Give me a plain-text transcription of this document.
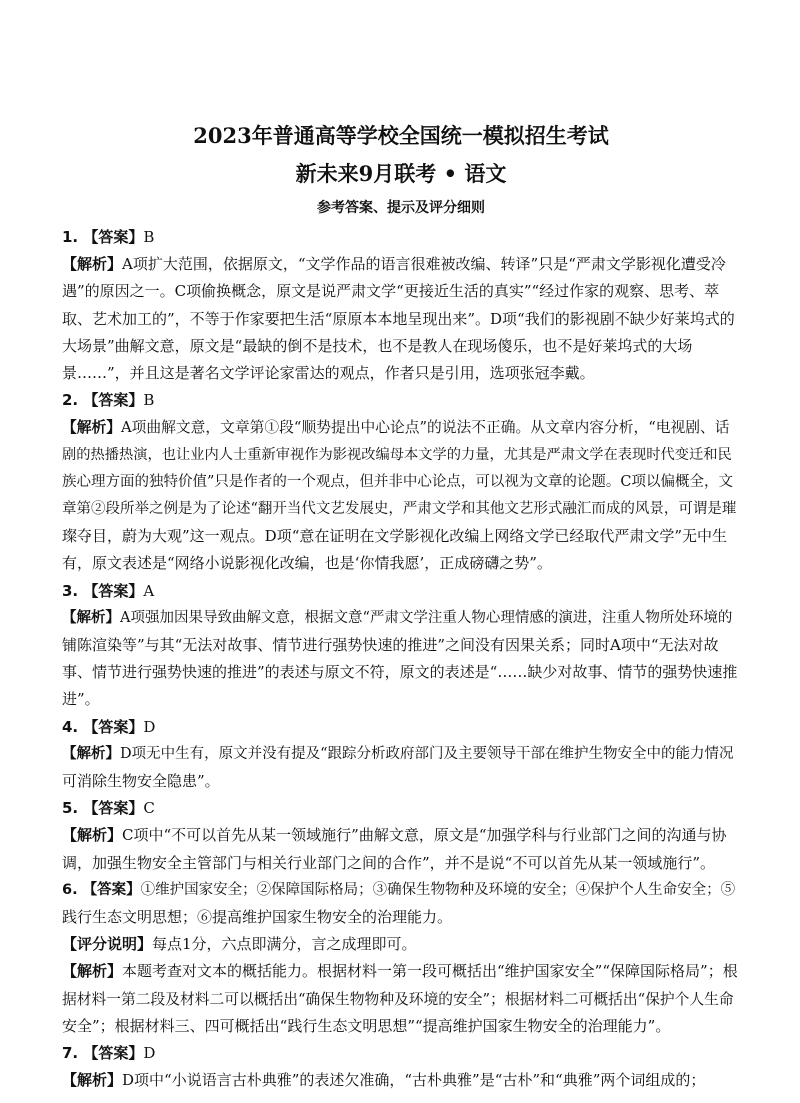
2023年普通高等学校全国统一模拟招生考试
新未来9月联考 • 语文
参考答案、提示及评分细则
1. 【答案】B
【解析】A项扩大范围，依据原文，“文学作品的语言很难被改编、转译”只是“严肃文学影视化遭受冷
遇”的原因之一。C项偷换概念，原文是说严肃文学“更接近生活的真实”“经过作家的观察、思考、萃
取、艺术加工的”，不等于作家要把生活“原原本本地呈现出来”。D项“我们的影视剧不缺少好莱坞式的
大场景”曲解文意，原文是“最缺的倒不是技术，也不是教人在现场傻乐，也不是好莱坞式的大场
景……”，并且这是著名文学评论家雷达的观点，作者只是引用，选项张冠李戴。
2. 【答案】B
【解析】A项曲解文意，文章第①段“顺势提出中心论点”的说法不正确。从文章内容分析，“电视剧、话
剧的热播热演，也让业内人士重新审视作为影视改编母本文学的力量，尤其是严肃文学在表现时代变迁和民
族心理方面的独特价值”只是作者的一个观点，但并非中心论点，可以视为文章的论题。C项以偏概全，文
章第②段所举之例是为了论述“翻开当代文艺发展史，严肃文学和其他文艺形式融汇而成的风景，可谓是璀
璨夺目，蔚为大观”这一观点。D项“意在证明在文学影视化改编上网络文学已经取代严肃文学”无中生
有，原文表述是“网络小说影视化改编，也是‘你情我愿’，正成磅礴之势”。
3. 【答案】A
【解析】A项强加因果导致曲解文意，根据文意“严肃文学注重人物心理情感的演进，注重人物所处环境的
铺陈渲染等”与其“无法对故事、情节进行强势快速的推进”之间没有因果关系；同时A项中“无法对故
事、情节进行强势快速的推进”的表述与原文不符，原文的表述是“……缺少对故事、情节的强势快速推
进”。
4. 【答案】D
【解析】D项无中生有，原文并没有提及“跟踪分析政府部门及主要领导干部在维护生物安全中的能力情况
可消除生物安全隐患”。
5. 【答案】C
【解析】C项中“不可以首先从某一领域施行”曲解文意，原文是“加强学科与行业部门之间的沟通与协
调，加强生物安全主管部门与相关行业部门之间的合作”，并不是说“不可以首先从某一领域施行”。
6. 【答案】①维护国家安全；②保障国际格局；③确保生物物种及环境的安全；④保护个人生命安全；⑤
践行生态文明思想；⑥提高维护国家生物安全的治理能力。
【评分说明】每点1分，六点即满分，言之成理即可。
【解析】本题考查对文本的概括能力。根据材料一第一段可概括出“维护国家安全”“保障国际格局”；根
据材料一第二段及材料二可以概括出“确保生物物种及环境的安全”；根据材料二可概括出“保护个人生命
安全”；根据材料三、四可概括出“践行生态文明思想”“提高维护国家生物安全的治理能力”。
7. 【答案】D
【解析】D项中“小说语言古朴典雅”的表述欠准确，“古朴典雅”是“古朴”和“典雅”两个词组成的；
